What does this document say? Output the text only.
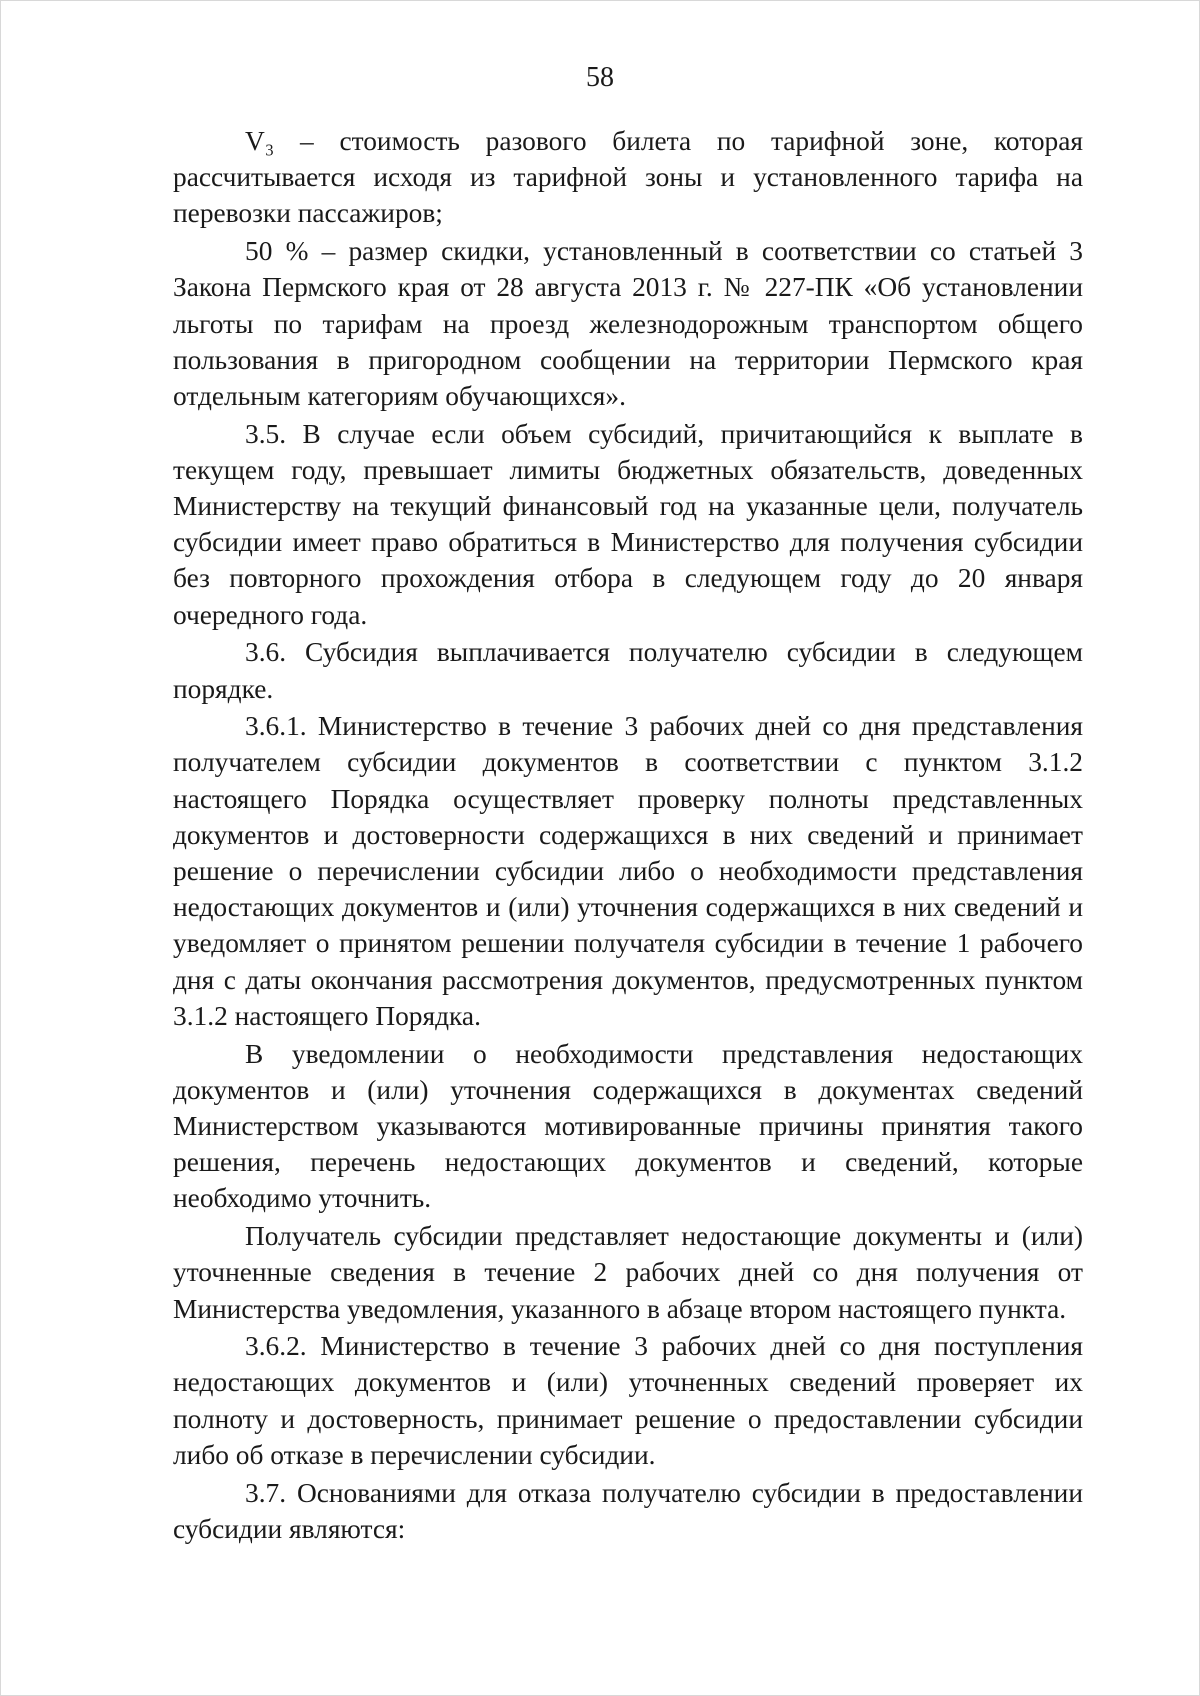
58

V₃ – стоимость разового билета по тарифной зоне, которая рассчитывается исходя из тарифной зоны и установленного тарифа на перевозки пассажиров;

50 % – размер скидки, установленный в соответствии со статьей 3 Закона Пермского края от 28 августа 2013 г. № 227-ПК «Об установлении льготы по тарифам на проезд железнодорожным транспортом общего пользования в пригородном сообщении на территории Пермского края отдельным категориям обучающихся».

3.5. В случае если объем субсидий, причитающийся к выплате в текущем году, превышает лимиты бюджетных обязательств, доведенных Министерству на текущий финансовый год на указанные цели, получатель субсидии имеет право обратиться в Министерство для получения субсидии без повторного прохождения отбора в следующем году до 20 января очередного года.

3.6. Субсидия выплачивается получателю субсидии в следующем порядке.

3.6.1. Министерство в течение 3 рабочих дней со дня представления получателем субсидии документов в соответствии с пунктом 3.1.2 настоящего Порядка осуществляет проверку полноты представленных документов и достоверности содержащихся в них сведений и принимает решение о перечислении субсидии либо о необходимости представления недостающих документов и (или) уточнения содержащихся в них сведений и уведомляет о принятом решении получателя субсидии в течение 1 рабочего дня с даты окончания рассмотрения документов, предусмотренных пунктом 3.1.2 настоящего Порядка.

В уведомлении о необходимости представления недостающих документов и (или) уточнения содержащихся в документах сведений Министерством указываются мотивированные причины принятия такого решения, перечень недостающих документов и сведений, которые необходимо уточнить.

Получатель субсидии представляет недостающие документы и (или) уточненные сведения в течение 2 рабочих дней со дня получения от Министерства уведомления, указанного в абзаце втором настоящего пункта.

3.6.2. Министерство в течение 3 рабочих дней со дня поступления недостающих документов и (или) уточненных сведений проверяет их полноту и достоверность, принимает решение о предоставлении субсидии либо об отказе в перечислении субсидии.

3.7. Основаниями для отказа получателю субсидии в предоставлении субсидии являются:
